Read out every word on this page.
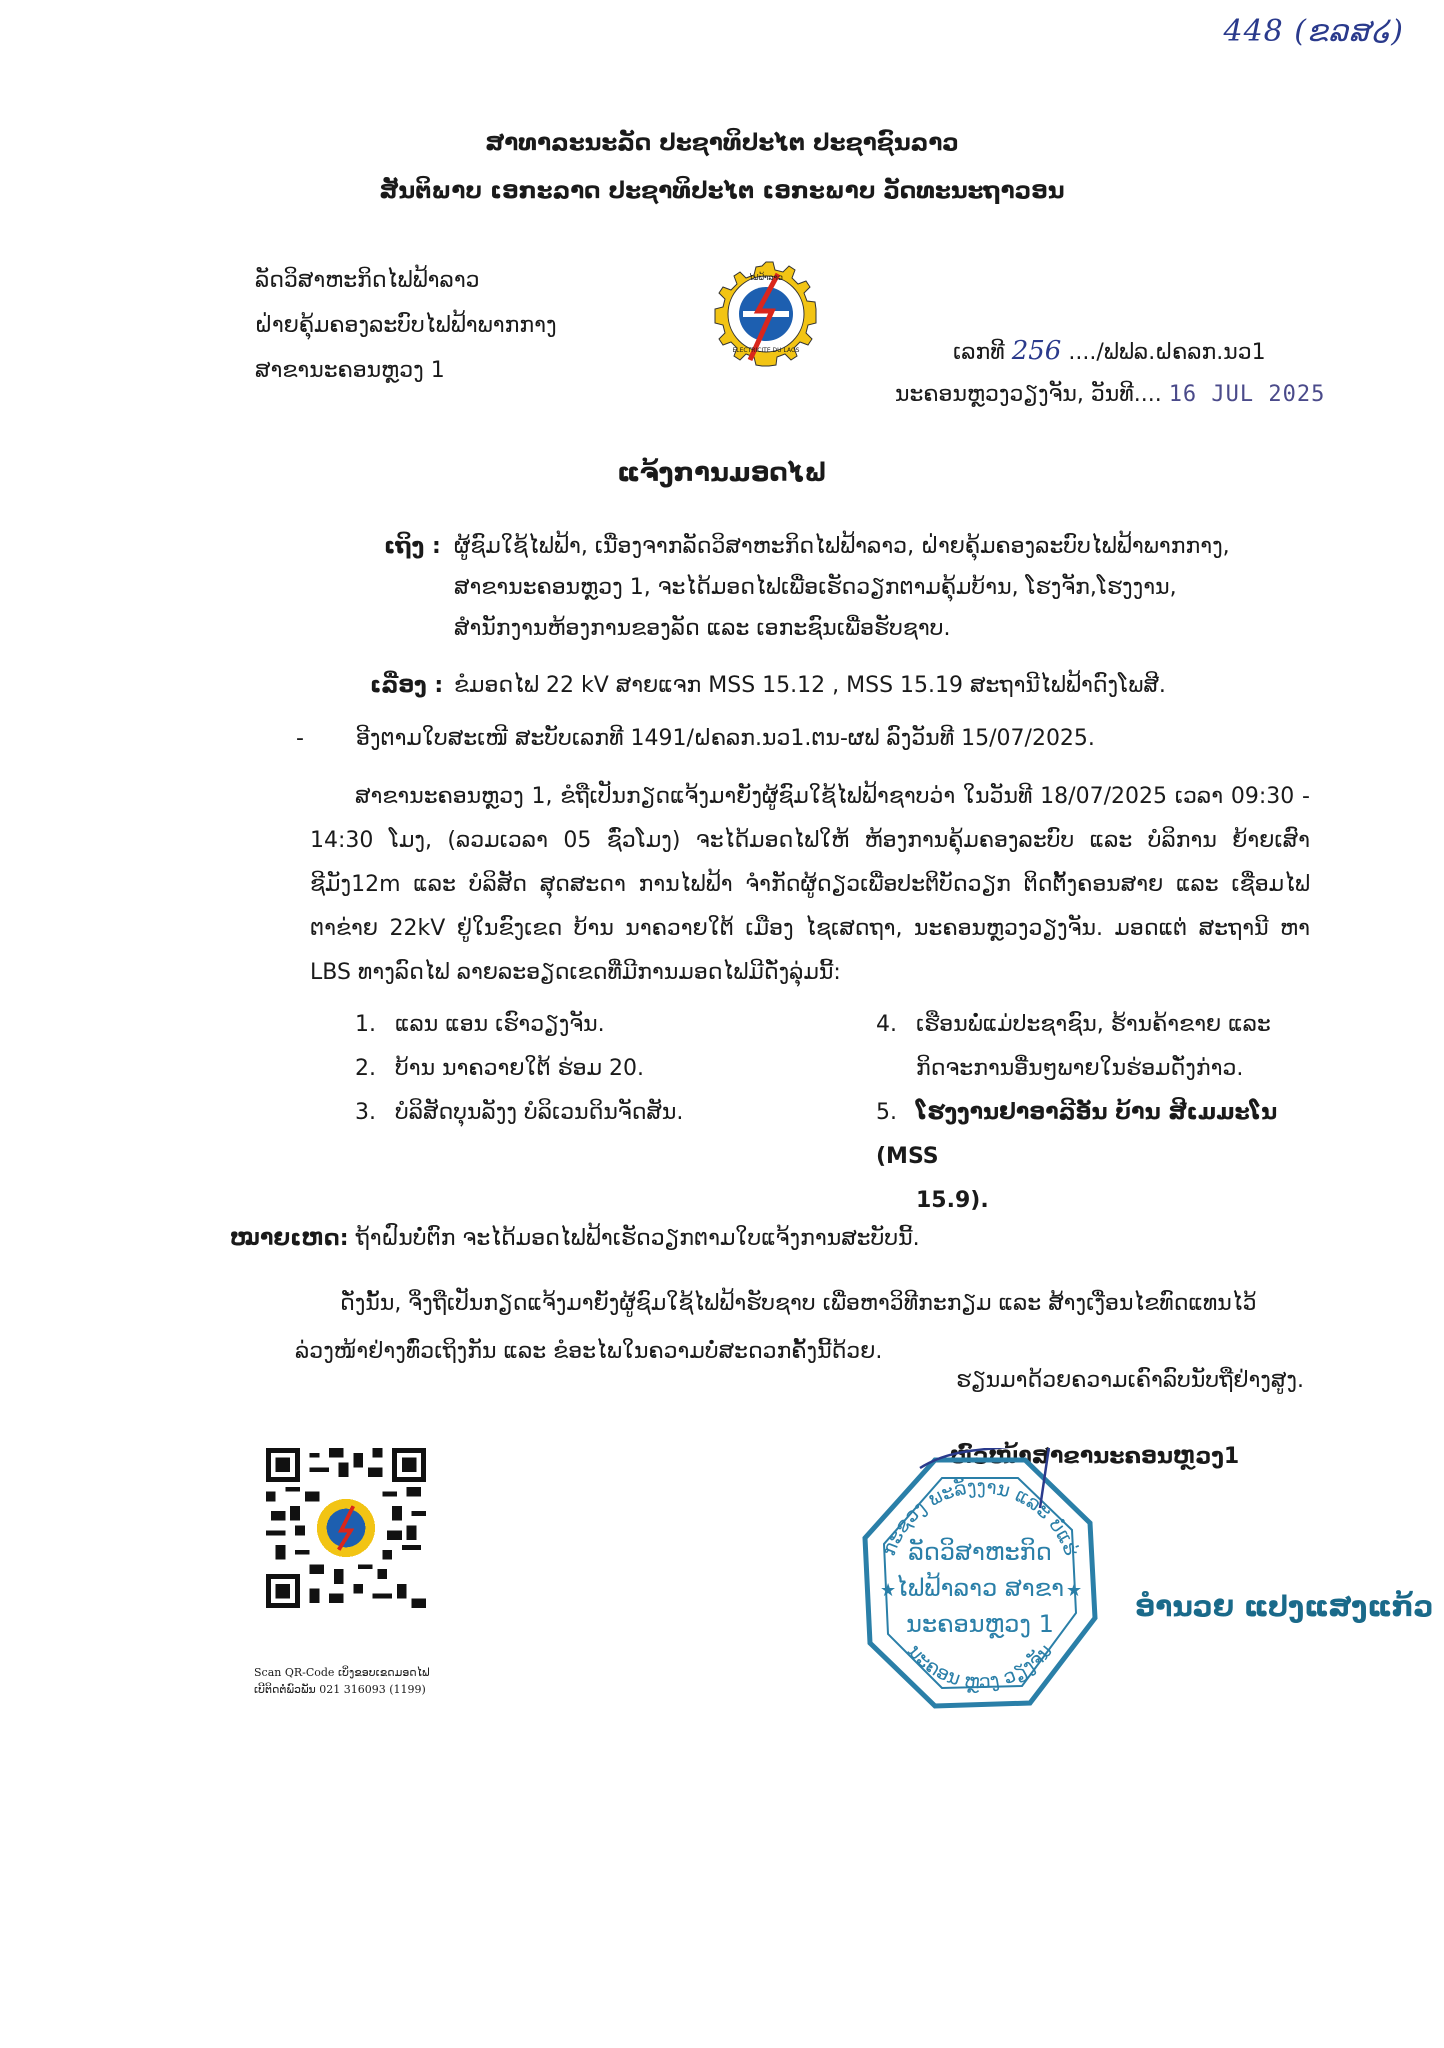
448 (ຂລສ໒)
ສາທາລະນະລັດ ປະຊາທິປະໄຕ ປະຊາຊົນລາວ
ສັນຕິພາບ ເອກະລາດ ປະຊາທິປະໄຕ ເອກະພາບ ວັດທະນະຖາວອນ
ລັດວິສາຫະກິດໄຟຟ້າລາວ
ຝ່າຍຄຸ້ມຄອງລະບົບໄຟຟ້າພາກກາງ
ສາຂານະຄອນຫຼວງ 1
ໄຟຟ້າລາວ
ELECTRICITE DU LAOS	ເລກທີ 256 ..../ຟຟລ.ຝຄລກ.ນວ1
ນະຄອນຫຼວງວຽງຈັນ, ວັນທີ.... 16 JUL 2025
ແຈ້ງການມອດໄຟ
ເຖິງ : ຜູ້ຊົມໃຊ້ໄຟຟ້າ, ເນື່ອງຈາກລັດວິສາຫະກິດໄຟຟ້າລາວ, ຝ່າຍຄຸ້ມຄອງລະບົບໄຟຟ້າພາກກາງ,
ສາຂານະຄອນຫຼວງ 1, ຈະໄດ້ມອດໄຟເພື່ອເຮັດວຽກຕາມຄຸ້ມບ້ານ, ໂຮງຈັກ,ໂຮງງານ,
ສຳນັກງານຫ້ອງການຂອງລັດ ແລະ ເອກະຊົນເພື່ອຮັບຊາບ.
ເລື່ອງ : ຂໍມອດໄຟ 22 kV ສາຍແຈກ MSS 15.12 , MSS 15.19 ສະຖານີໄຟຟ້າດົງໂພສີ.
- ອີງຕາມໃບສະເໜີ ສະບັບເລກທີ 1491/ຝຄລກ.ນວ1.ຕນ-ຜຟ ລົງວັນທີ 15/07/2025.
ສາຂານະຄອນຫຼວງ 1, ຂໍຖືເປັນກຽດແຈ້ງມາຍັງຜູ້ຊົມໃຊ້ໄຟຟ້າຊາບວ່າ ໃນວັນທີ 18/07/2025 ເວລາ 09:30 - 14:30 ໂມງ, (ລວມເວລາ 05 ຊົ່ວໂມງ) ຈະໄດ້ມອດໄຟໃຫ້ ຫ້ອງການຄຸ້ມຄອງລະບົບ ແລະ ບໍລິການ ຍ້າຍເສົາຊີມັງ12m ແລະ ບໍລິສັດ ສຸດສະດາ ການໄຟຟ້າ ຈຳກັດຜູ້ດຽວເພື່ອປະຕິບັດວຽກ ຕິດຕັ້ງຄອນສາຍ ແລະ ເຊື່ອມໄຟຕາຂ່າຍ 22kV ຢູ່ໃນຂົງເຂດ ບ້ານ ນາຄວາຍໃຕ້ ເມືອງ ໄຊເສດຖາ, ນະຄອນຫຼວງວຽງຈັນ. ມອດແຕ່ ສະຖານີ ຫາ LBS ທາງລົດໄຟ ລາຍລະອຽດເຂດທີ່ມີການມອດໄຟມີດັ່ງລຸ່ມນີ້:
1. ແລນ ແອນ ເຮົາວຽງຈັນ.
2. ບ້ານ ນາຄວາຍໃຕ້ ຮ່ອມ 20.
3. ບໍລິສັດບຸນລັງງ ບໍລິເວນດິນຈັດສັນ.
4. ເຮືອນພໍ່ແມ່ປະຊາຊົນ, ຮ້ານຄ້າຂາຍ ແລະ
ກິດຈະການອື່ນໆພາຍໃນຮ່ອມດັ່ງກ່າວ.
5. ໂຮງງານຢາອາລີອັນ ບ້ານ ສີເມມະໂນ (MSS
15.9).
ໝາຍເຫດ: ຖ້າຝົນບໍ່ຕົກ ຈະໄດ້ມອດໄຟຟ້າເຮັດວຽກຕາມໃບແຈ້ງການສະບັບນີ້.
ດັ່ງນັ້ນ, ຈິ່ງຖືເປັນກຽດແຈ້ງມາຍັງຜູ້ຊົມໃຊ້ໄຟຟ້າຮັບຊາບ ເພື່ອຫາວິທີກະກຽມ ແລະ ສ້າງເງື່ອນໄຂທົດແທນໄວ້ລ່ວງໜ້າຢ່າງທົ່ວເຖິງກັນ ແລະ ຂໍອະໄພໃນຄວາມບໍ່ສະດວກຄັ້ງນີ້ດ້ວຍ.
ຮຽນມາດ້ວຍຄວາມເຄົາລົບນັບຖືຢ່າງສູງ.
Scan QR-Code ເບິ່ງຂອບເຂດມອດໄຟ
ເບີຕິດຕໍ່ພົວພັນ 021 316093 (1199)
ຫົວໜ້າສາຂານະຄອນຫຼວງ1
ກະຊວງ ພະລັງງານ ແລະ ບໍ່ແຮ່
ນະຄອນ ຫຼວງ ວຽງຈັນ
ລັດວິສາຫະກິດ
ໄຟຟ້າລາວ ສາຂາ
ນະຄອນຫຼວງ 1
★	★ ອຳນວຍ ແປງແສງແກ້ວ
